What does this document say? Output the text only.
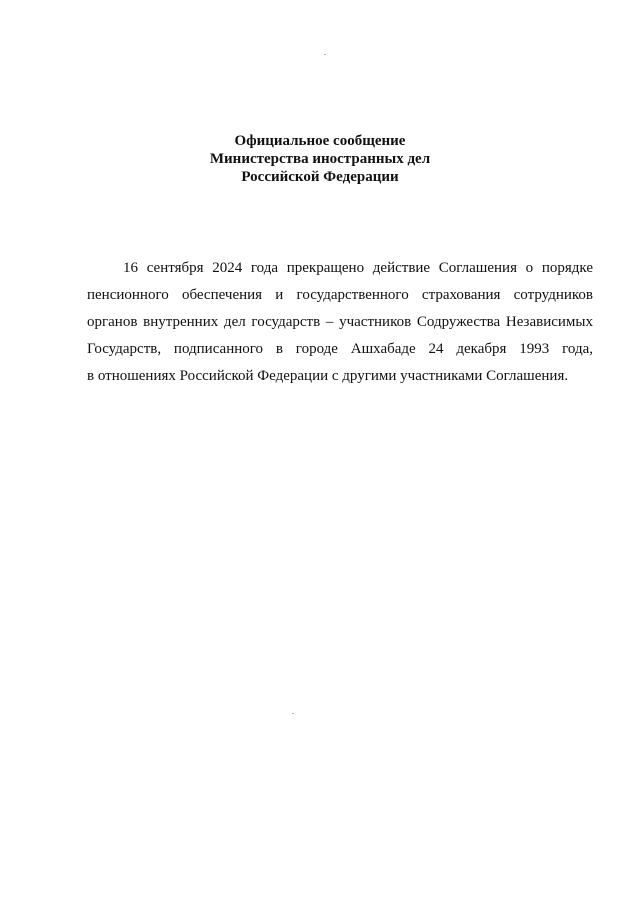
Официальное сообщение
Министерства иностранных дел
Российской Федерации
16 сентября 2024 года прекращено действие Соглашения о порядке
пенсионного обеспечения и государственного страхования сотрудников
органов внутренних дел государств – участников Содружества Независимых
Государств, подписанного в городе Ашхабаде 24 декабря 1993 года,
в отношениях Российской Федерации с другими участниками Соглашения.
